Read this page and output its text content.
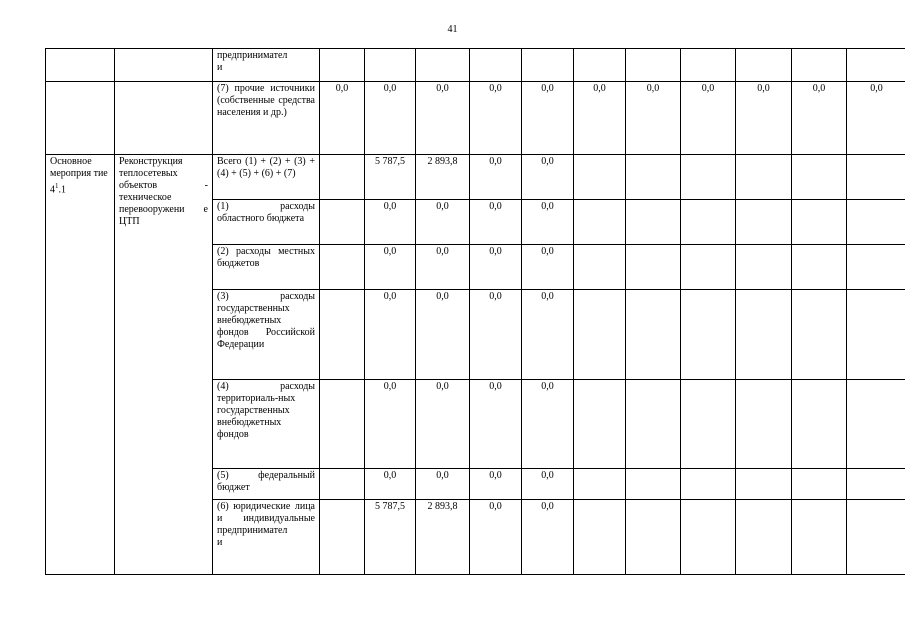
41
		предпринимател
и											
		(7) прочие источники (собственные средства населения и др.)	0,0	0,0	0,0	0,0	0,0	0,0	0,0	0,0	0,0	0,0	0,0
Основное мероприя тие $4^1.1$	Реконструкция теплосетевых объектов - техническое перевооружени е ЦТП	Всего (1) + (2) + (3) + (4) + (5) + (6) + (7)		5 787,5	2 893,8	0,0	0,0						
		(1) расходы областного бюджета		0,0	0,0	0,0	0,0						
		(2) расходы местных бюджетов		0,0	0,0	0,0	0,0						
		(3) расходы государственных внебюджетных фондов Российской Федерации		0,0	0,0	0,0	0,0						
		(4) расходы территориаль-ных государственных внебюджетных фондов		0,0	0,0	0,0	0,0						
		(5) федеральный бюджет		0,0	0,0	0,0	0,0						
		(6) юридические лица и индивидуальные предпринимател
и		5 787,5	2 893,8	0,0	0,0						
